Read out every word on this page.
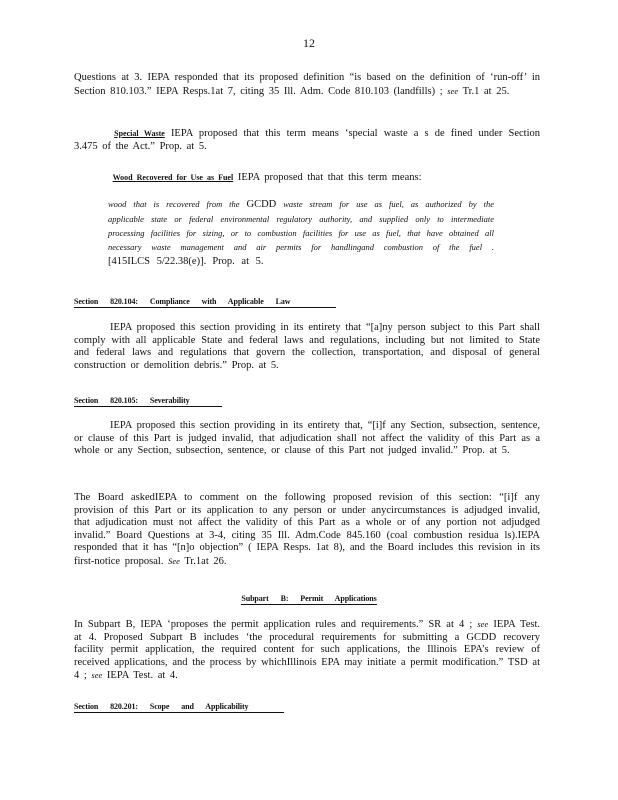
12
Questions at 3. IEPA responded that its proposed definition “is based on the definition of ‘run-off’ in Section 810.103.” IEPA Resps.1at 7, citing 35 Ill. Adm. Code 810.103 (landfills) ; see Tr.1 at 25.
Special Waste IEPA proposed that this term means ‘special waste a s de fined under Section 3.475 of the Act.” Prop. at 5.
Wood Recovered for Use as Fuel IEPA proposed that that this term means:
wood that is recovered from the GCDD waste stream for use as fuel, as authorized by the applicable state or federal environmental regulatory authority, and supplied only to intermediate processing facilities for sizing, or to combustion facilities for use as fuel, that have obtained all necessary waste management and air permits for handlingand combustion of the fuel . [415ILCS 5/22.38(e)]. Prop. at 5.
Section 820.104: Compliance with Applicable Law
IEPA proposed this section providing in its entirety that “[a]ny person subject to this Part shall comply with all applicable State and federal laws and regulations, including but not limited to State and federal laws and regulations that govern the collection, transportation, and disposal of general construction or demolition debris.” Prop. at 5.
Section 820.105: Severability
IEPA proposed this section providing in its entirety that, “[i]f any Section, subsection, sentence, or clause of this Part is judged invalid, that adjudication shall not affect the validity of this Part as a whole or any Section, subsection, sentence, or clause of this Part not judged invalid.” Prop. at 5.
The Board askedIEPA to comment on the following proposed revision of this section: “[i]f any provision of this Part or its application to any person or under anycircumstances is adjudged invalid, that adjudication must not affect the validity of this Part as a whole or of any portion not adjudged invalid.” Board Questions at 3-4, citing 35 Ill. Adm.Code 845.160 (coal combustion residua ls).IEPA responded that it has “[n]o objection” ( IEPA Resps. 1at 8), and the Board includes this revision in its first-notice proposal. See Tr.1at 26.
Subpart B: Permit Applications
In Subpart B, IEPA ‘proposes the permit application rules and requirements.” SR at 4 ; see IEPA Test. at 4. Proposed Subpart B includes ‘the procedural requirements for submitting a GCDD recovery facility permit application, the required content for such applications, the Illinois EPA’s review of received applications, and the process by whichIllinois EPA may initiate a permit modification.” TSD at 4 ; see IEPA Test. at 4.
Section 820.201: Scope and Applicability
